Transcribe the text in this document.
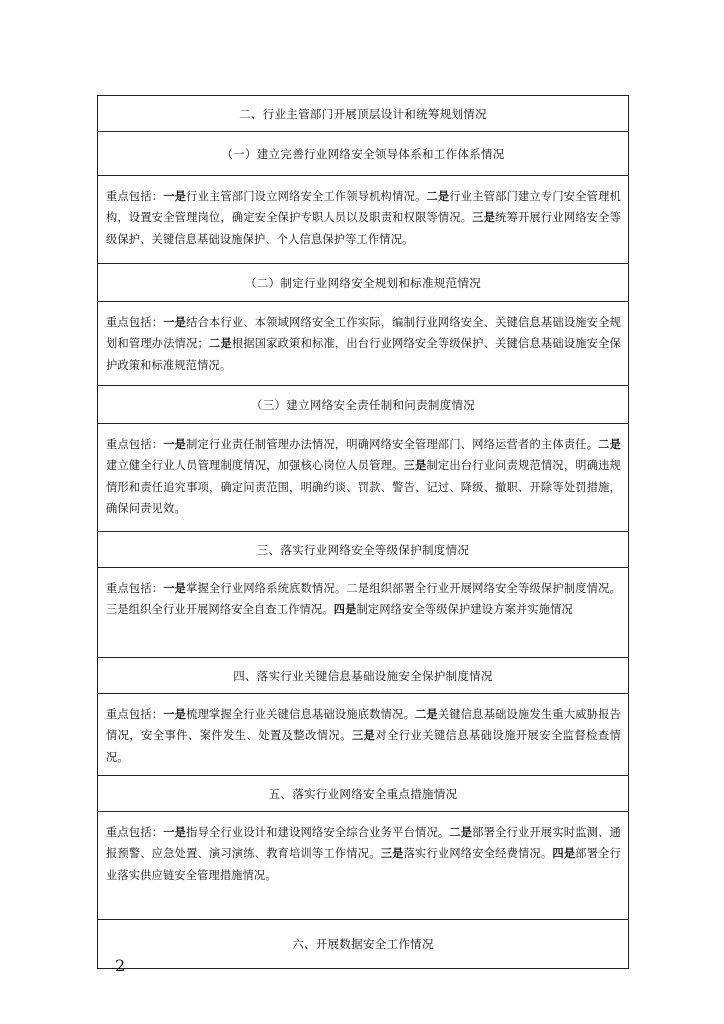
二、行业主管部门开展顶层设计和统筹规划情况
（一）建立完善行业网络安全领导体系和工作体系情况
重点包括：一是行业主管部门设立网络安全工作领导机构情况。二是行业主管部门建立专门安全管理机构，设置安全管理岗位，确定安全保护专职人员以及职责和权限等情况。三是统筹开展行业网络安全等级保护、关键信息基础设施保护、个人信息保护等工作情况。
（二）制定行业网络安全规划和标准规范情况
重点包括：一是结合本行业、本领域网络安全工作实际，编制行业网络安全、关键信息基础设施安全规划和管理办法情况；二是根据国家政策和标准，出台行业网络安全等级保护、关键信息基础设施安全保护政策和标准规范情况。
（三）建立网络安全责任制和问责制度情况
重点包括：一是制定行业责任制管理办法情况，明确网络安全管理部门、网络运营者的主体责任。二是建立健全行业人员管理制度情况，加强核心岗位人员管理。三是制定出台行业问责规范情况，明确违规情形和责任追究事项，确定问责范围，明确约谈、罚款、警告、记过、降级、撤职、开除等处罚措施，确保问责见效。
三、落实行业网络安全等级保护制度情况
重点包括：一是掌握全行业网络系统底数情况。二是组织部署全行业开展网络安全等级保护制度情况。三是组织全行业开展网络安全自查工作情况。四是制定网络安全等级保护建设方案并实施情况
四、落实行业关键信息基础设施安全保护制度情况
重点包括：一是梳理掌握全行业关键信息基础设施底数情况。二是关键信息基础设施发生重大威胁报告情况，安全事件、案件发生、处置及整改情况。三是对全行业关键信息基础设施开展安全监督检查情况。
五、落实行业网络安全重点措施情况
重点包括：一是指导全行业设计和建设网络安全综合业务平台情况。二是部署全行业开展实时监测、通报预警、应急处置、演习演练、教育培训等工作情况。三是落实行业网络安全经费情况。四是部署全行业落实供应链安全管理措施情况。
六、开展数据安全工作情况
2
